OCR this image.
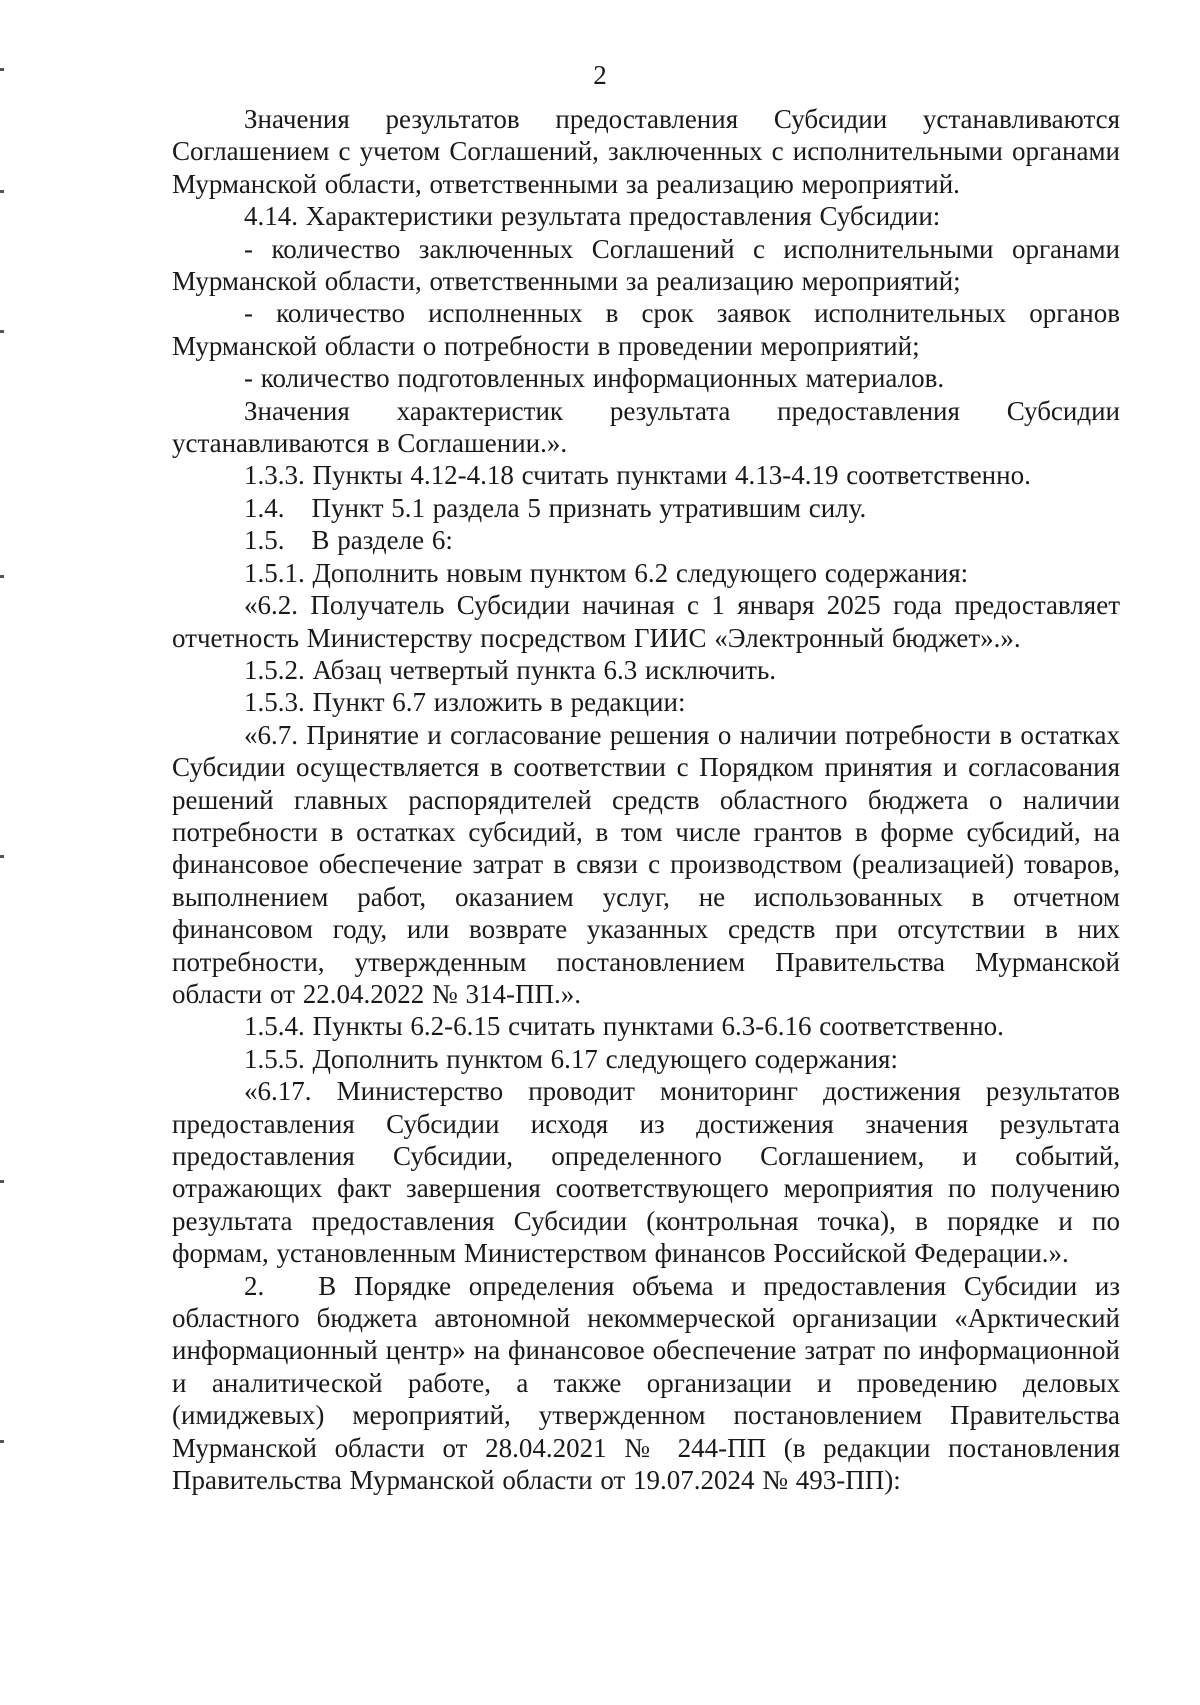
2

Значения результатов предоставления Субсидии устанавливаются Соглашением с учетом Соглашений, заключенных с исполнительными органами Мурманской области, ответственными за реализацию мероприятий.

4.14. Характеристики результата предоставления Субсидии:

- количество заключенных Соглашений с исполнительными органами Мурманской области, ответственными за реализацию мероприятий;

- количество исполненных в срок заявок исполнительных органов Мурманской области о потребности в проведении мероприятий;

- количество подготовленных информационных материалов.

Значения характеристик результата предоставления Субсидии устанавливаются в Соглашении.».

1.3.3. Пункты 4.12-4.18 считать пунктами 4.13-4.19 соответственно.

1.4. Пункт 5.1 раздела 5 признать утратившим силу.

1.5. В разделе 6:

1.5.1. Дополнить новым пунктом 6.2 следующего содержания:

«6.2. Получатель Субсидии начиная с 1 января 2025 года предоставляет отчетность Министерству посредством ГИИС «Электронный бюджет».».

1.5.2. Абзац четвертый пункта 6.3 исключить.

1.5.3. Пункт 6.7 изложить в редакции:

«6.7. Принятие и согласование решения о наличии потребности в остатках Субсидии осуществляется в соответствии с Порядком принятия и согласования решений главных распорядителей средств областного бюджета о наличии потребности в остатках субсидий, в том числе грантов в форме субсидий, на финансовое обеспечение затрат в связи с производством (реализацией) товаров, выполнением работ, оказанием услуг, не использованных в отчетном финансовом году, или возврате указанных средств при отсутствии в них потребности, утвержденным постановлением Правительства Мурманской области от 22.04.2022 № 314-ПП.».

1.5.4. Пункты 6.2-6.15 считать пунктами 6.3-6.16 соответственно.

1.5.5. Дополнить пунктом 6.17 следующего содержания:

«6.17. Министерство проводит мониторинг достижения результатов предоставления Субсидии исходя из достижения значения результата предоставления Субсидии, определенного Соглашением, и событий, отражающих факт завершения соответствующего мероприятия по получению результата предоставления Субсидии (контрольная точка), в порядке и по формам, установленным Министерством финансов Российской Федерации.».

2.  В Порядке определения объема и предоставления Субсидии из областного бюджета автономной некоммерческой организации «Арктический информационный центр» на финансовое обеспечение затрат по информационной и аналитической работе, а также организации и проведению деловых (имиджевых) мероприятий, утвержденном постановлением Правительства Мурманской области от 28.04.2021 № 244-ПП (в редакции постановления Правительства Мурманской области от 19.07.2024 № 493-ПП):
